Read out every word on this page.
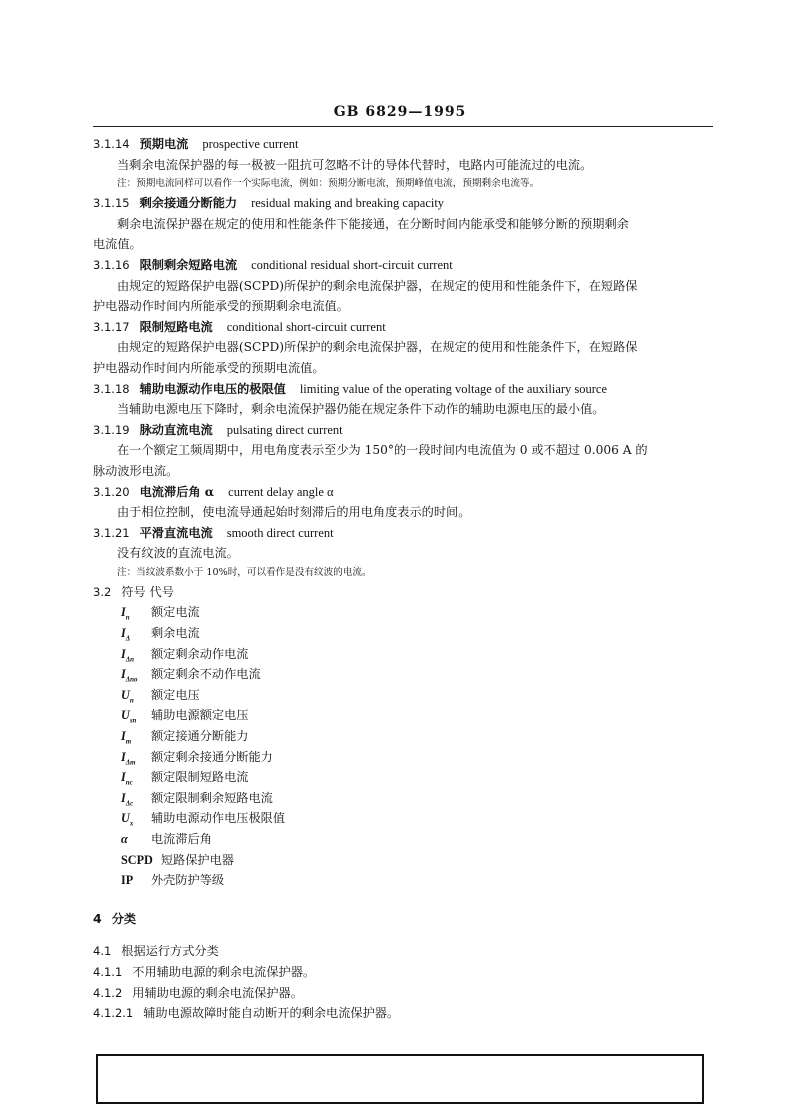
GB 6829—1995
3.1.14 预期电流 prospective current
当剩余电流保护器的每一极被一阻抗可忽略不计的导体代替时，电路内可能流过的电流。
注：预期电流同样可以看作一个实际电流，例如：预期分断电流，预期峰值电流，预期剩余电流等。
3.1.15 剩余接通分断能力 residual making and breaking capacity
剩余电流保护器在规定的使用和性能条件下能接通，在分断时间内能承受和能够分断的预期剩余
电流值。
3.1.16 限制剩余短路电流 conditional residual short-circuit current
由规定的短路保护电器(SCPD)所保护的剩余电流保护器，在规定的使用和性能条件下，在短路保
护电器动作时间内所能承受的预期剩余电流值。
3.1.17 限制短路电流 conditional short-circuit current
由规定的短路保护电器(SCPD)所保护的剩余电流保护器，在规定的使用和性能条件下，在短路保
护电器动作时间内所能承受的预期电流值。
3.1.18 辅助电源动作电压的极限值 limiting value of the operating voltage of the auxiliary source
当辅助电源电压下降时，剩余电流保护器仍能在规定条件下动作的辅助电源电压的最小值。
3.1.19 脉动直流电流 pulsating direct current
在一个额定工频周期中，用电角度表示至少为 150°的一段时间内电流值为 0 或不超过 0.006 A 的
脉动波形电流。
3.1.20 电流滞后角 α current delay angle α
由于相位控制，使电流导通起始时刻滞后的用电角度表示的时间。
3.1.21 平滑直流电流 smooth direct current
没有纹波的直流电流。
注：当纹波系数小于 10%时，可以看作是没有纹波的电流。
3.2 符号 代号
$I_n$ 额定电流
$I_\Delta$ 剩余电流
$I_{\Delta n}$ 额定剩余动作电流
$I_{\Delta no}$ 额定剩余不动作电流
$U_n$ 额定电压
$U_{sn}$ 辅助电源额定电压
$I_m$ 额定接通分断能力
$I_{\Delta m}$ 额定剩余接通分断能力
$I_{nc}$ 额定限制短路电流
$I_{\Delta c}$ 额定限制剩余短路电流
$U_x$ 辅助电源动作电压极限值
α 电流滞后角
SCPD 短路保护电器
IP 外壳防护等级
4 分类
4.1 根据运行方式分类
4.1.1 不用辅助电源的剩余电流保护器。
4.1.2 用辅助电源的剩余电流保护器。
4.1.2.1 辅助电源故障时能自动断开的剩余电流保护器。
